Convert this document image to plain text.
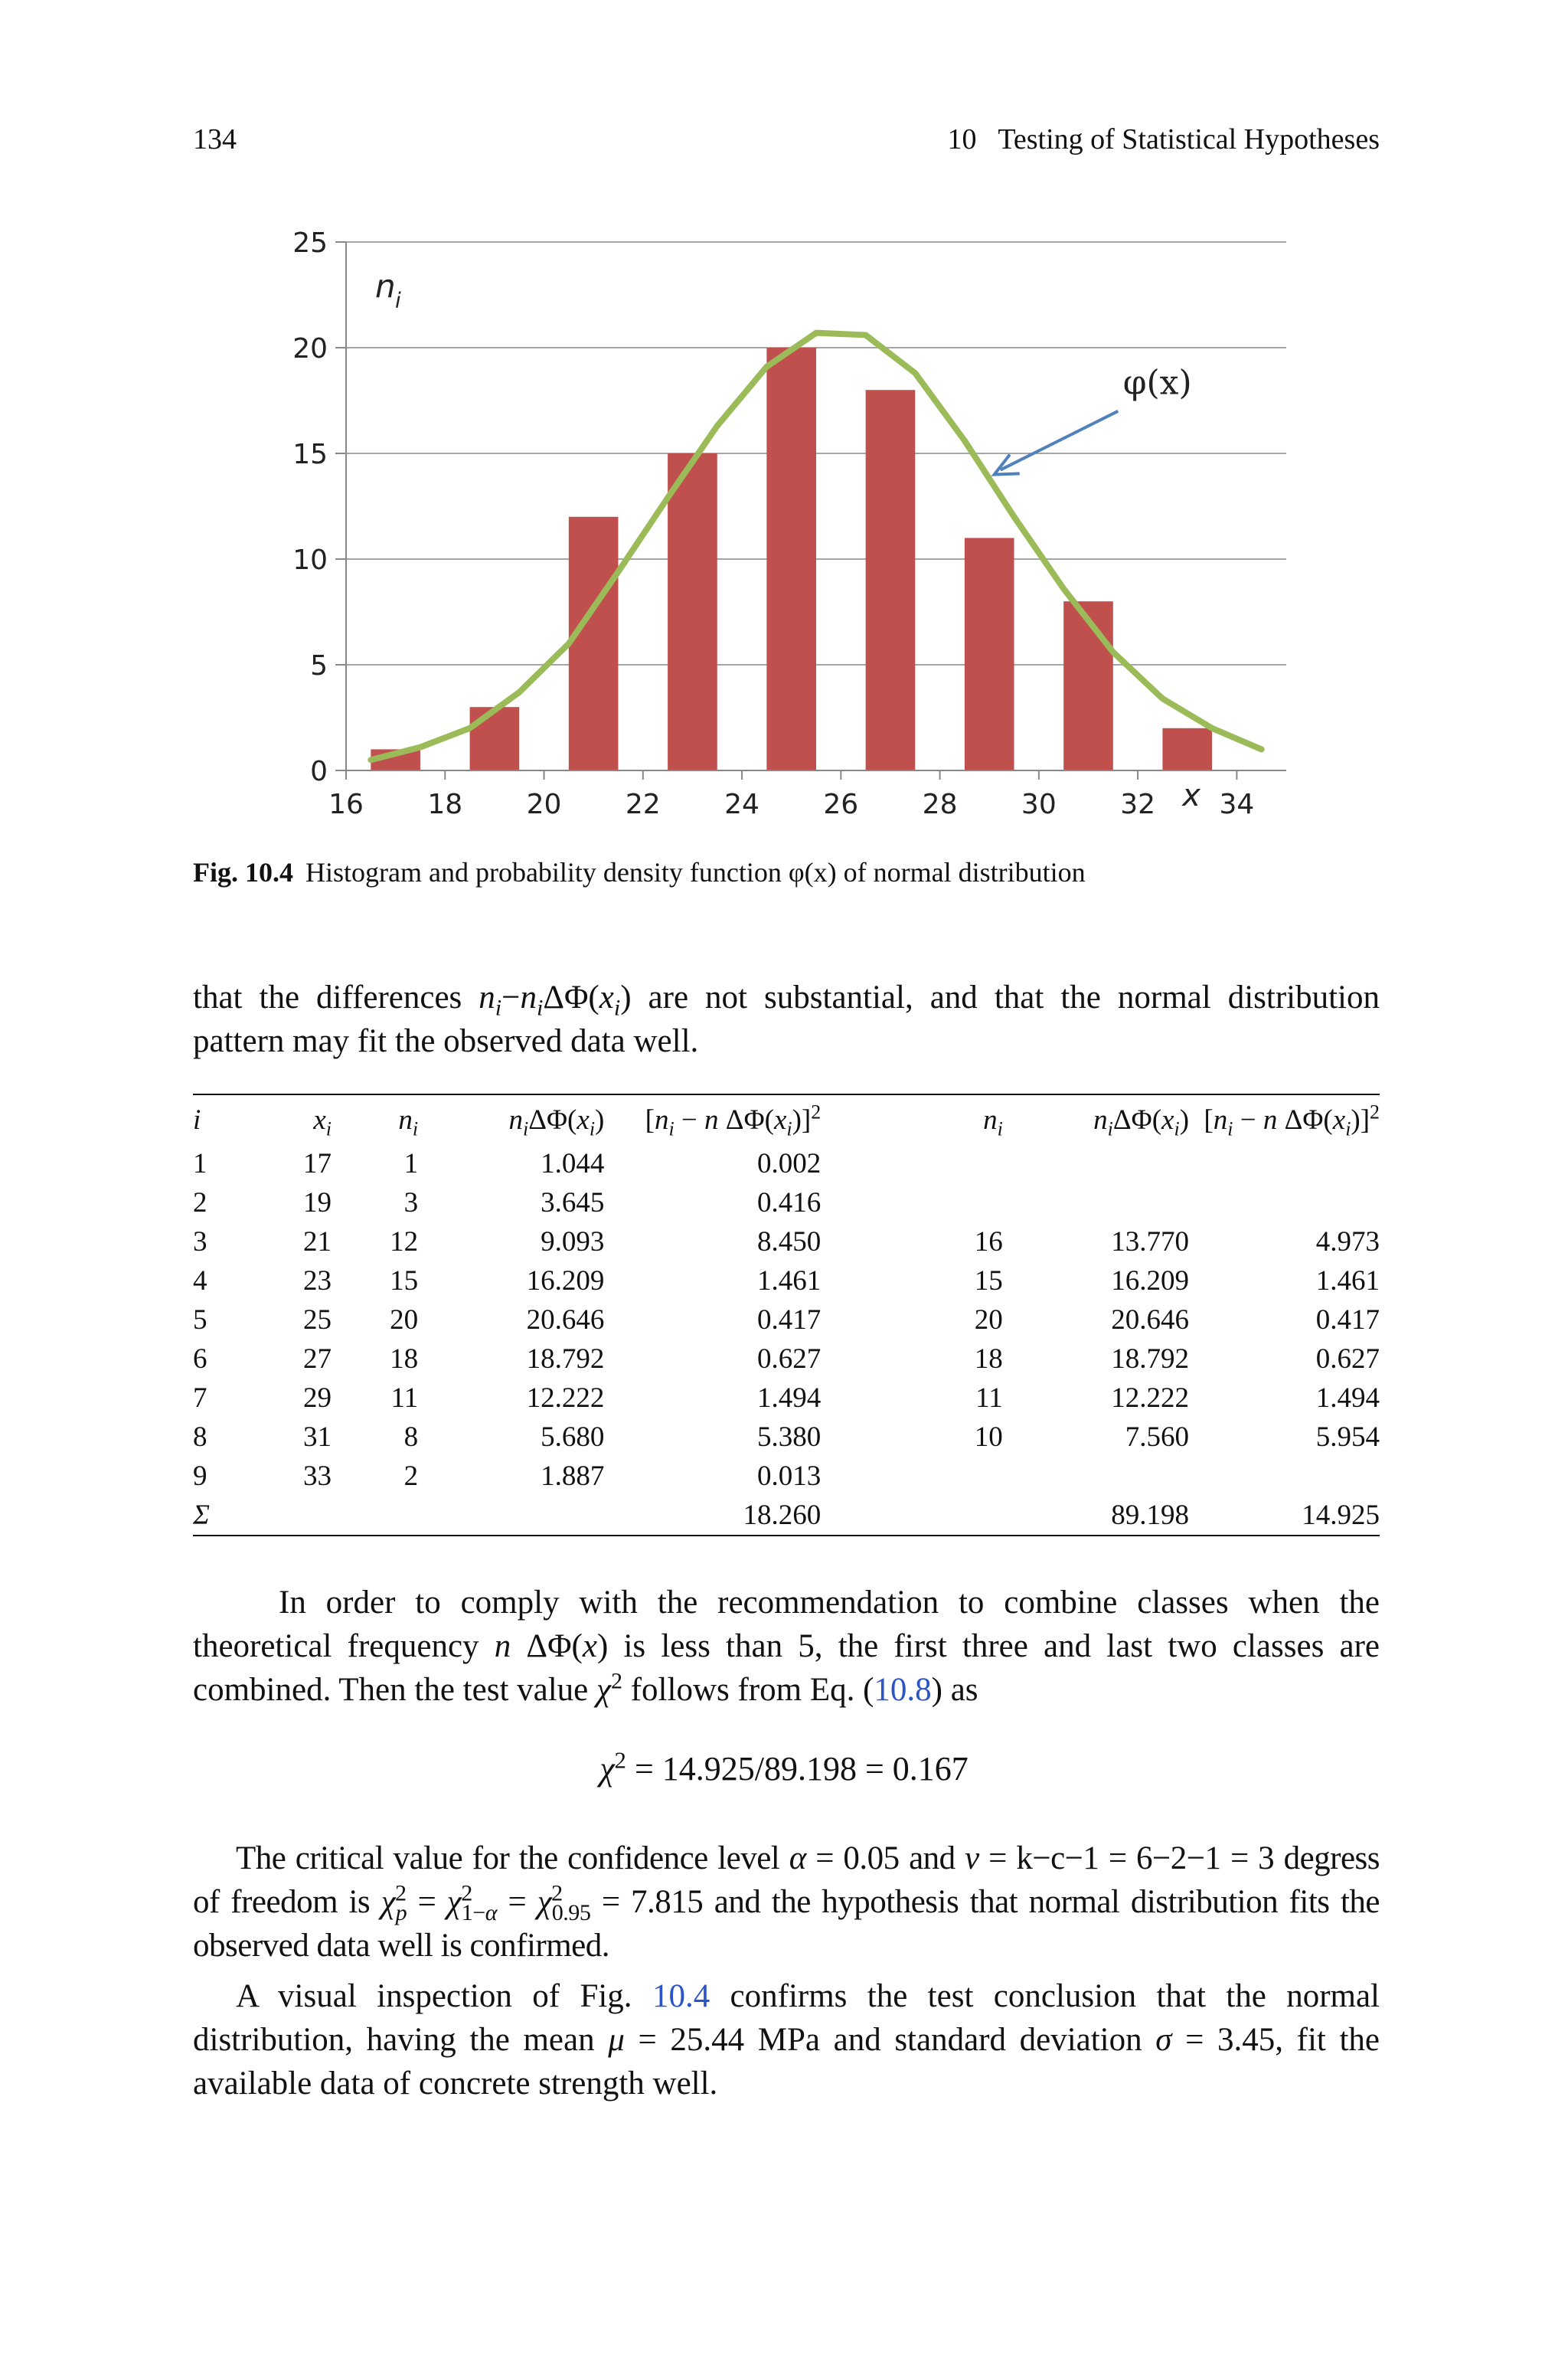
134	10   Testing of Statistical Hypotheses
0
5
10
15
20
25
16 18 20 22 24 26 28 30 32 34
n i
x
φ(x)
Fig. 10.4 Histogram and probability density function φ(x) of normal distribution
that the differences $n_i-n_i\Delta\Phi(x_i)$ are not substantial, and that the normal distribution pattern may fit the observed data well.
i	$x_i$	$n_i$	$n_i\Delta\Phi(x_i)$	[$n_i - n$ $\Delta\Phi(x_i)]^2$	$n_i$	$n_i\Delta\Phi(x_i)$	[$n_i - n$ $\Delta\Phi(x_i)]^2$
1	17	1	1.044	0.002			
2	19	3	3.645	0.416			
3	21	12	9.093	8.450	16	13.770	4.973
4	23	15	16.209	1.461	15	16.209	1.461
5	25	20	20.646	0.417	20	20.646	0.417
6	27	18	18.792	0.627	18	18.792	0.627
7	29	11	12.222	1.494	11	12.222	1.494
8	31	8	5.680	5.380	10	7.560	5.954
9	33	2	1.887	0.013			
Σ				18.260		89.198	14.925
In order to comply with the recommendation to combine classes when the theoretical frequency n ΔΦ(x) is less than 5, the first three and last two classes are combined. Then the test value $\chi^2$ follows from Eq. (10.8) as
$\chi^2 = 14.925/89.198 = 0.167$
The critical value for the confidence level α = 0.05 and ν = k−c−1 = 6−2−1 = 3 degress of freedom is $\chi^2_p = \chi^2_{1-\alpha} = \chi^2_{0.95} = 7.815$ and the hypothesis that normal distribution fits the observed data well is confirmed.
A visual inspection of Fig. 10.4 confirms the test conclusion that the normal distribution, having the mean μ = 25.44 MPa and standard deviation σ = 3.45, fit the available data of concrete strength well.
